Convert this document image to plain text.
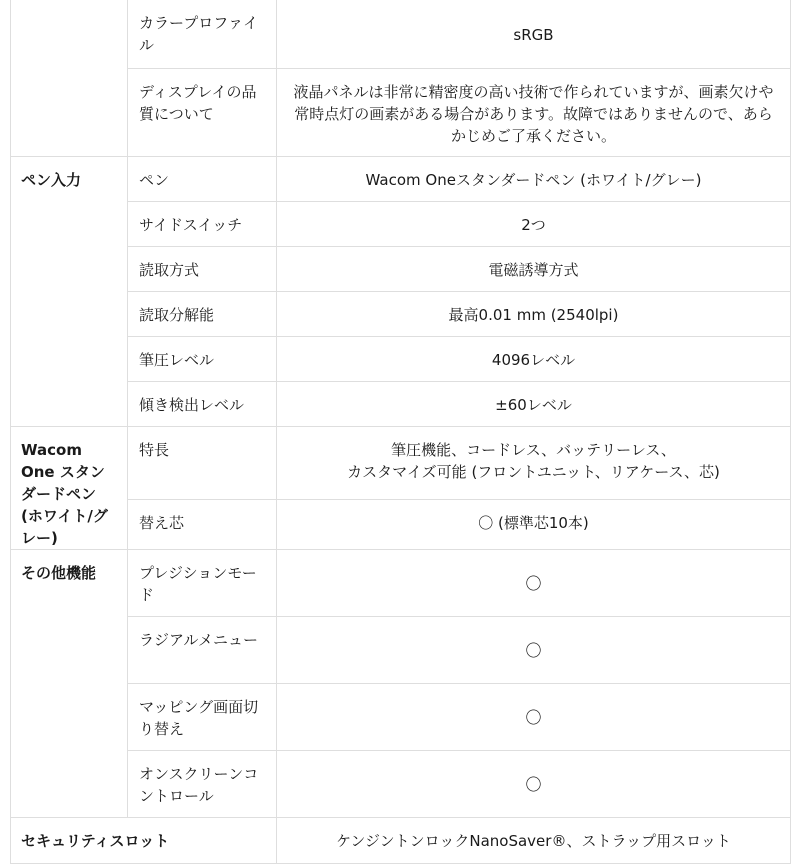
	カラープロファイル	sRGB
	ディスプレイの品質について	液晶パネルは非常に精密度の高い技術で作られていますが、画素欠けや常時点灯の画素がある場合があります。故障ではありませんので、あらかじめご了承ください。
ペン入力	ペン	Wacom Oneスタンダードペン (ホワイト/グレー)
	サイドスイッチ	2つ
	読取方式	電磁誘導方式
	読取分解能	最高0.01 mm (2540lpi)
	筆圧レベル	4096レベル
	傾き検出レベル	±60レベル
Wacom One スタンダードペン (ホワイト/グレー)	特長	筆圧機能、コードレス、バッテリーレス、
カスタマイズ可能 (フロントユニット、リアケース、芯)

	替え芯	〇 (標準芯10本)
その他機能	プレジションモード	〇
	ラジアルメニュー	〇
	マッピング画面切り替え	〇
	オンスクリーンコントロール	〇
セキュリティスロット		ケンジントンロックNanoSaver®、ストラップ用スロット
